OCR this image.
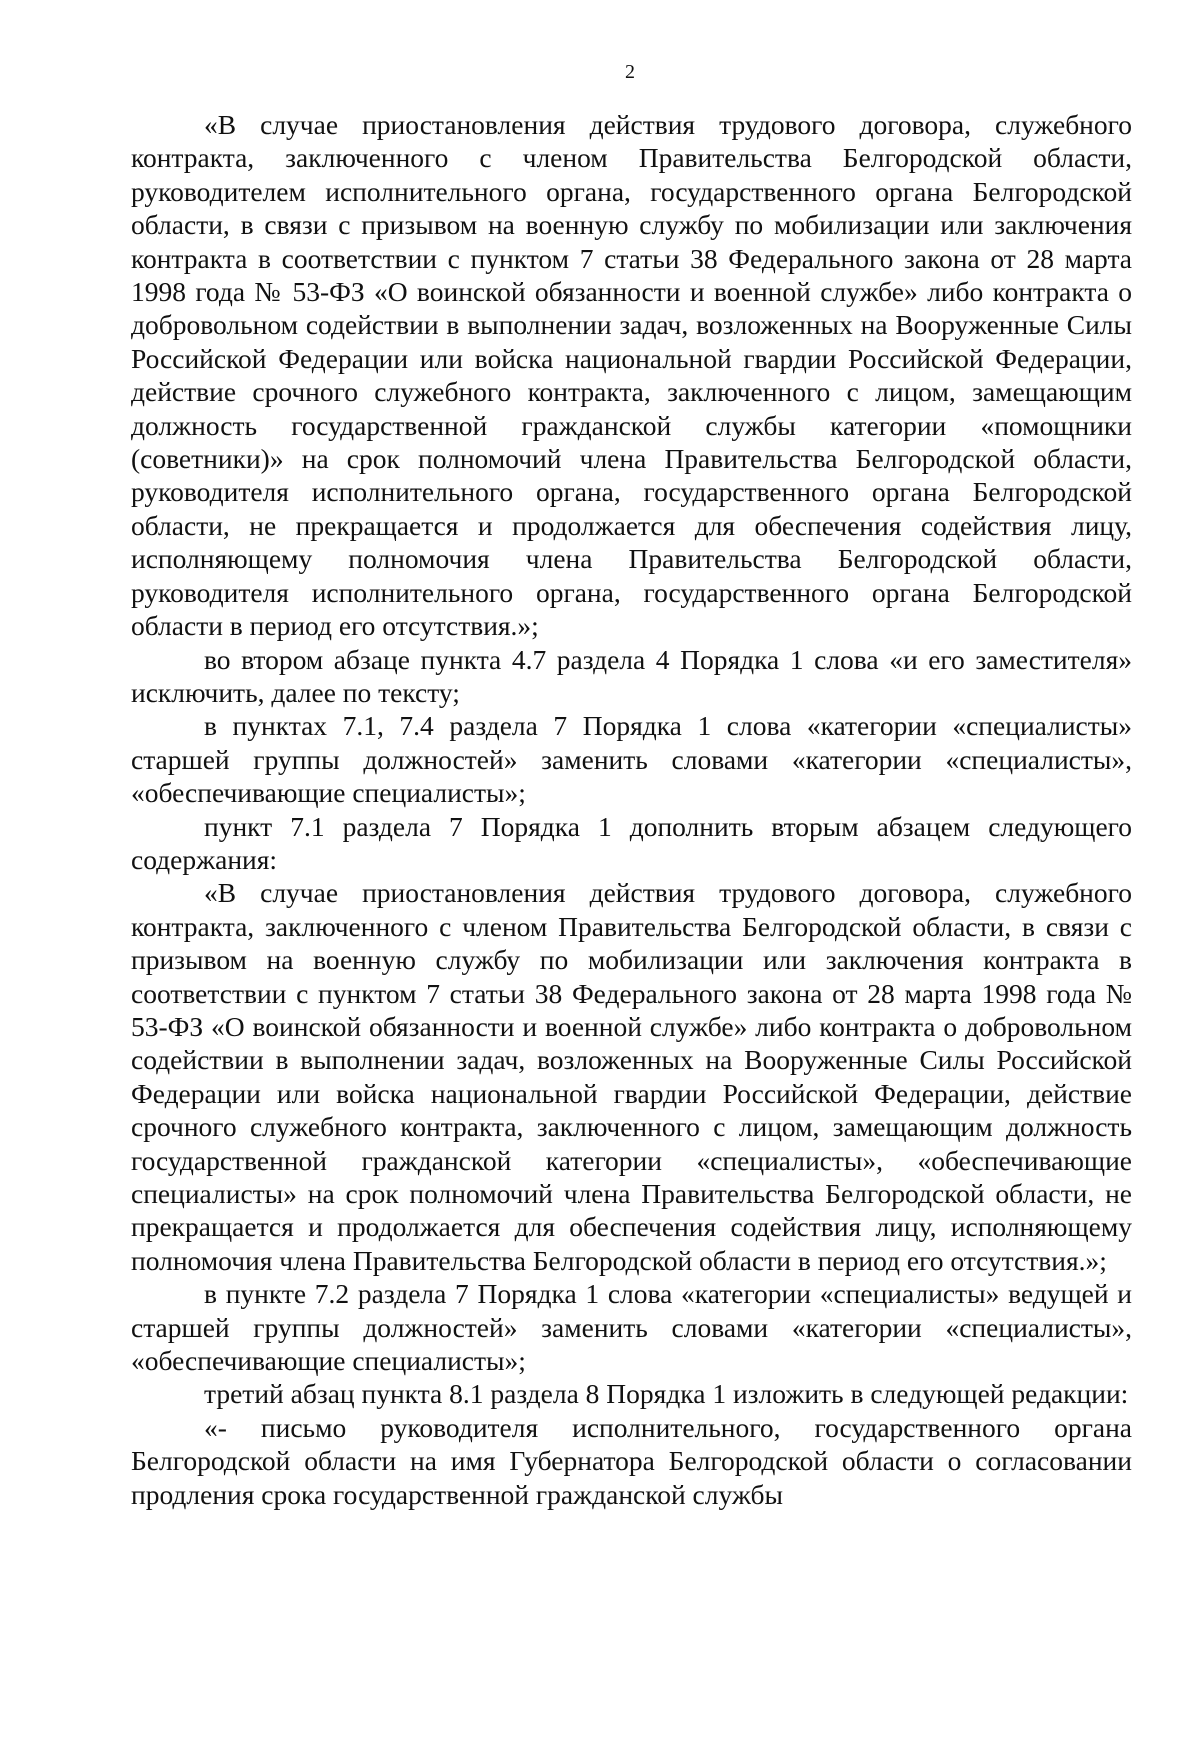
2

«В случае приостановления действия трудового договора, служебного контракта, заключенного с членом Правительства Белгородской области, руководителем исполнительного органа, государственного органа Белгородской области, в связи с призывом на военную службу по мобилизации или заключения контракта в соответствии с пунктом 7 статьи 38 Федерального закона от 28 марта 1998 года № 53-ФЗ «О воинской обязанности и военной службе» либо контракта о добровольном содействии в выполнении задач, возложенных на Вооруженные Силы Российской Федерации или войска национальной гвардии Российской Федерации, действие срочного служебного контракта, заключенного с лицом, замещающим должность государственной гражданской службы категории «помощники (советники)» на срок полномочий члена Правительства Белгородской области, руководителя исполнительного органа, государственного органа Белгородской области, не прекращается и продолжается для обеспечения содействия лицу, исполняющему полномочия члена Правительства Белгородской области, руководителя исполнительного органа, государственного органа Белгородской области в период его отсутствия.»;

во втором абзаце пункта 4.7 раздела 4 Порядка 1 слова «и его заместителя» исключить, далее по тексту;

в пунктах 7.1, 7.4 раздела 7 Порядка 1 слова «категории «специалисты» старшей группы должностей» заменить словами «категории «специалисты», «обеспечивающие специалисты»;

пункт 7.1 раздела 7 Порядка 1 дополнить вторым абзацем следующего содержания:

«В случае приостановления действия трудового договора, служебного контракта, заключенного с членом Правительства Белгородской области, в связи с призывом на военную службу по мобилизации или заключения контракта в соответствии с пунктом 7 статьи 38 Федерального закона от 28 марта 1998 года № 53-ФЗ «О воинской обязанности и военной службе» либо контракта о добровольном содействии в выполнении задач, возложенных на Вооруженные Силы Российской Федерации или войска национальной гвардии Российской Федерации, действие срочного служебного контракта, заключенного с лицом, замещающим должность государственной гражданской категории «специалисты», «обеспечивающие специалисты» на срок полномочий члена Правительства Белгородской области, не прекращается и продолжается для обеспечения содействия лицу, исполняющему полномочия члена Правительства Белгородской области в период его отсутствия.»;

в пункте 7.2 раздела 7 Порядка 1 слова «категории «специалисты» ведущей и старшей группы должностей» заменить словами «категории «специалисты», «обеспечивающие специалисты»;

третий абзац пункта 8.1 раздела 8 Порядка 1 изложить в следующей редакции:

«- письмо руководителя исполнительного, государственного органа Белгородской области на имя Губернатора Белгородской области о согласовании продления срока государственной гражданской службы
